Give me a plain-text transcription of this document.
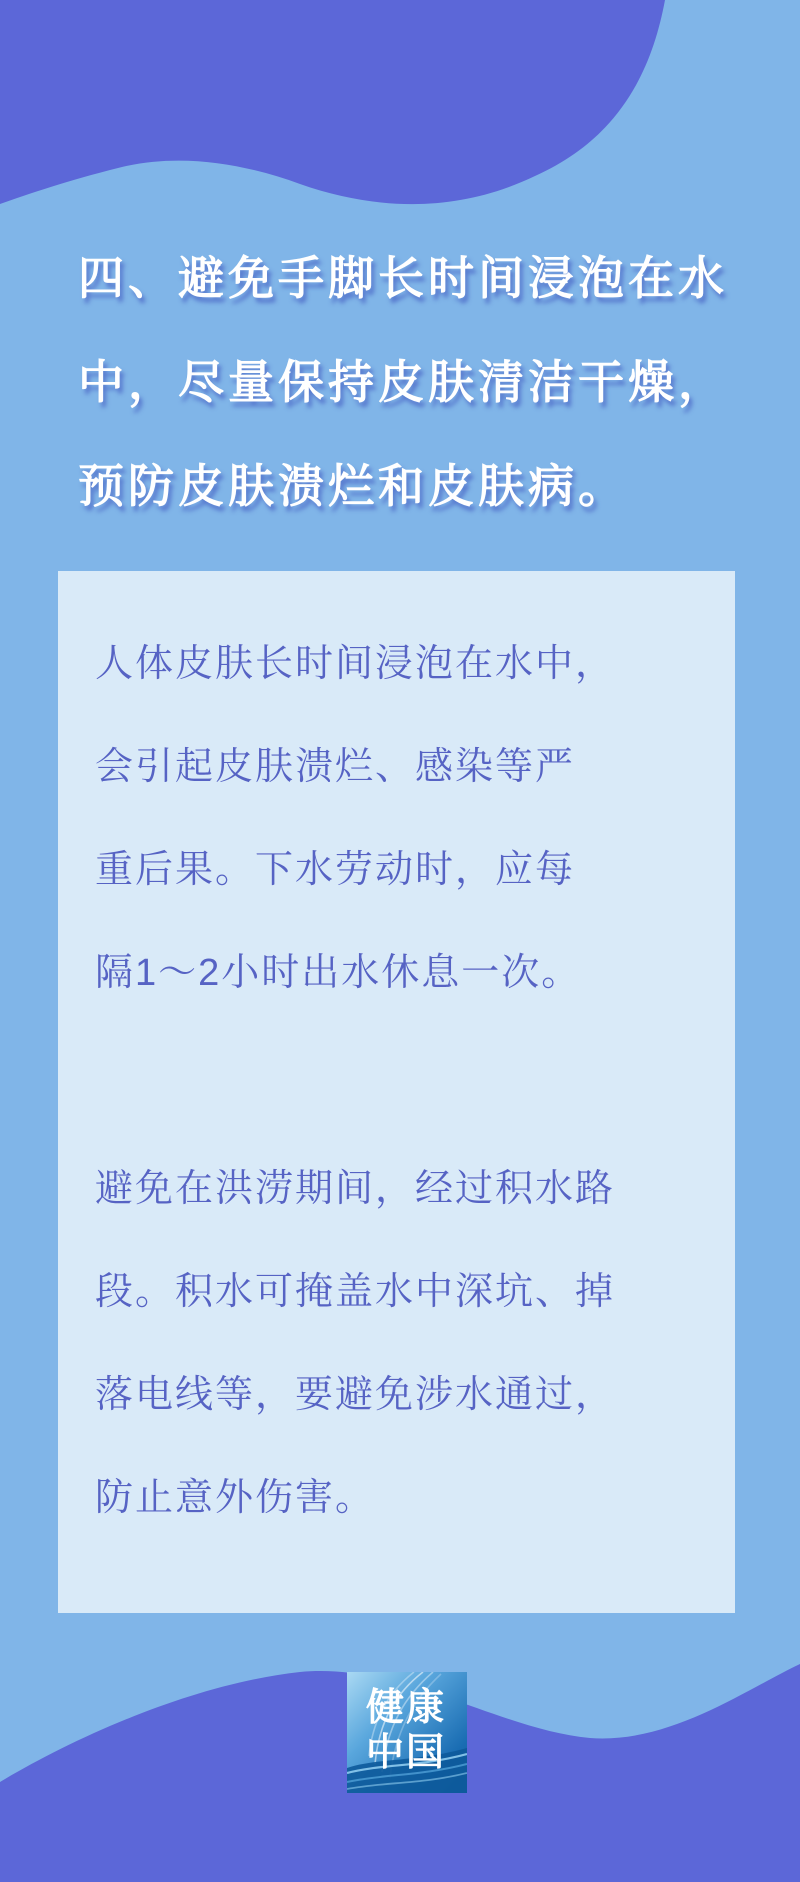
四、避免手脚长时间浸泡在水
中，尽量保持皮肤清洁干燥，
预防皮肤溃烂和皮肤病。
人体皮肤长时间浸泡在水中，
会引起皮肤溃烂、感染等严
重后果。下水劳动时，应每
隔1～2小时出水休息一次。
避免在洪涝期间，经过积水路
段。积水可掩盖水中深坑、掉
落电线等，要避免涉水通过，
防止意外伤害。
健康
中国
